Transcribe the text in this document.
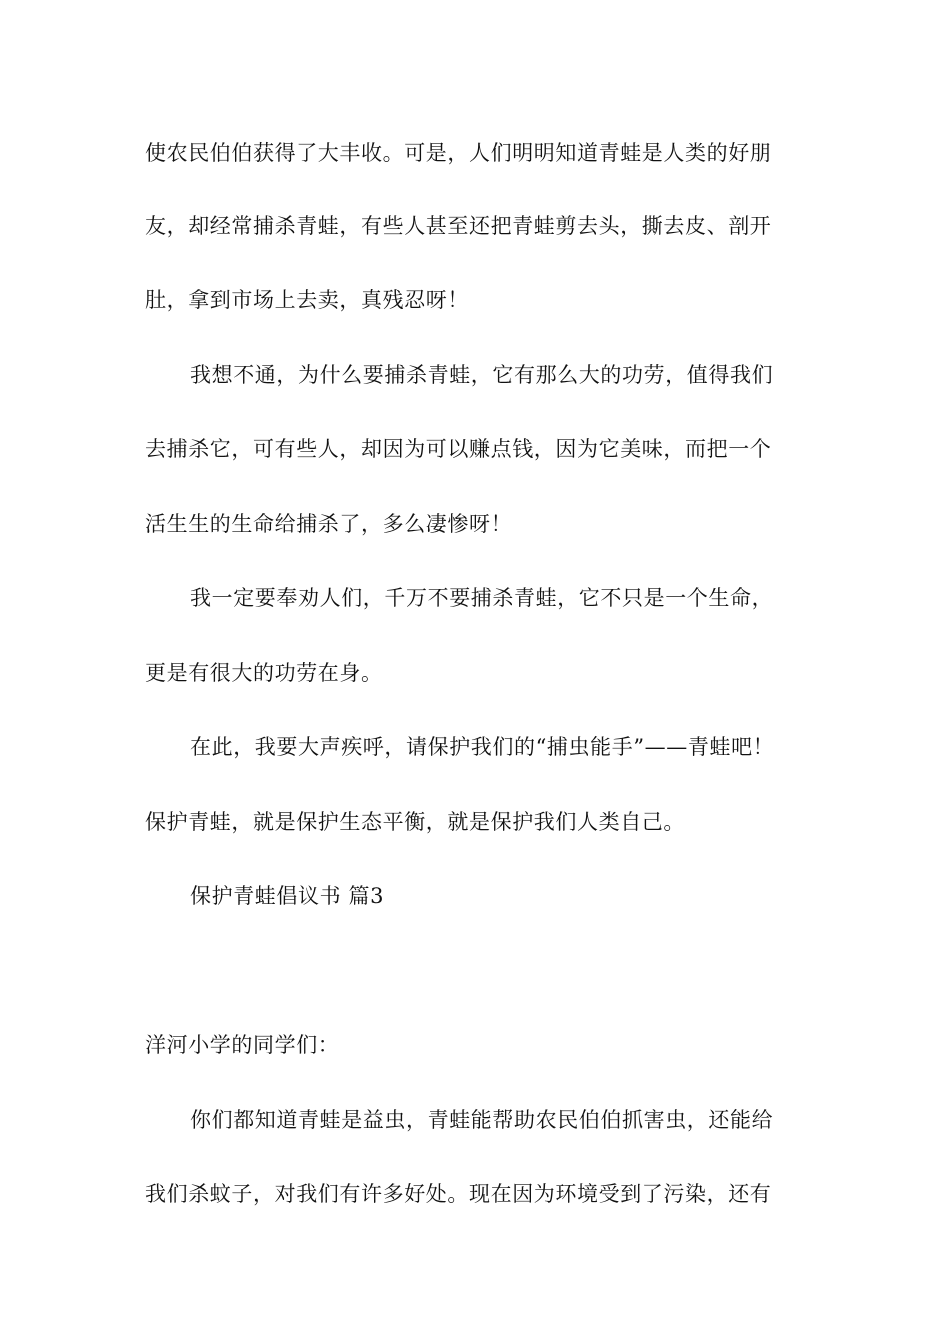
使农民伯伯获得了大丰收。可是，人们明明知道青蛙是人类的好朋
友，却经常捕杀青蛙，有些人甚至还把青蛙剪去头，撕去皮、剖开
肚，拿到市场上去卖，真残忍呀！
我想不通，为什么要捕杀青蛙，它有那么大的功劳，值得我们
去捕杀它，可有些人，却因为可以赚点钱，因为它美味，而把一个
活生生的生命给捕杀了，多么凄惨呀！
我一定要奉劝人们，千万不要捕杀青蛙，它不只是一个生命，
更是有很大的功劳在身。
在此，我要大声疾呼，请保护我们的“捕虫能手”——青蛙吧！
保护青蛙，就是保护生态平衡，就是保护我们人类自己。
保护青蛙倡议书 篇3
洋河小学的同学们：
你们都知道青蛙是益虫，青蛙能帮助农民伯伯抓害虫，还能给
我们杀蚊子，对我们有许多好处。现在因为环境受到了污染，还有
